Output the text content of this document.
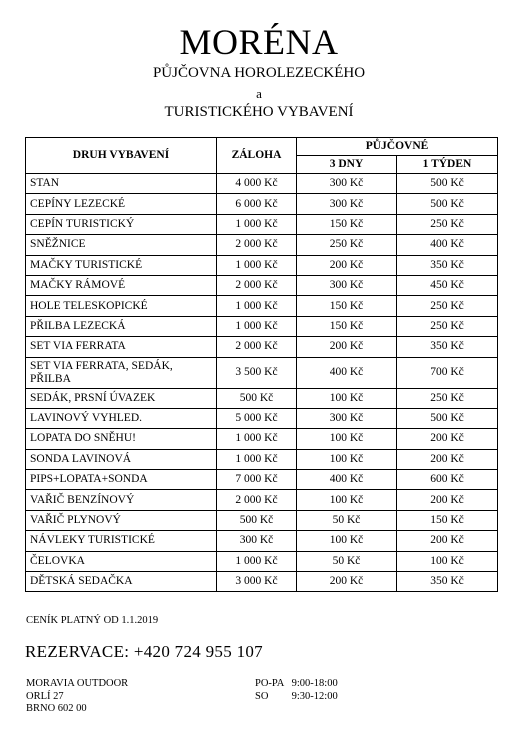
MORÉNA
PŮJČOVNA HOROLEZECKÉHO
a
TURISTICKÉHO VYBAVENÍ
DRUH VYBAVENÍ	ZÁLOHA	PŮJČOVNÉ	
		3 DNY	1 TÝDEN
STAN	4 000 Kč	300 Kč	500 Kč
CEPÍNY LEZECKÉ	6 000 Kč	300 Kč	500 Kč
CEPÍN TURISTICKÝ	1 000 Kč	150 Kč	250 Kč
SNĚŽNICE	2 000 Kč	250 Kč	400 Kč
MAČKY TURISTICKÉ	1 000 Kč	200 Kč	350 Kč
MAČKY RÁMOVÉ	2 000 Kč	300 Kč	450 Kč
HOLE TELESKOPICKÉ	1 000 Kč	150 Kč	250 Kč
PŘILBA LEZECKÁ	1 000 Kč	150 Kč	250 Kč
SET VIA FERRATA	2 000 Kč	200 Kč	350 Kč
SET VIA FERRATA, SEDÁK, PŘILBA	3 500 Kč	400 Kč	700 Kč
SEDÁK, PRSNÍ ÚVAZEK	500 Kč	100 Kč	250 Kč
LAVINOVÝ VYHLED.	5 000 Kč	300 Kč	500 Kč
LOPATA DO SNĚHU!	1 000 Kč	100 Kč	200 Kč
SONDA LAVINOVÁ	1 000 Kč	100 Kč	200 Kč
PIPS+LOPATA+SONDA	7 000 Kč	400 Kč	600 Kč
VAŘIČ BENZÍNOVÝ	2 000 Kč	100 Kč	200 Kč
VAŘIČ PLYNOVÝ	500 Kč	50 Kč	150 Kč
NÁVLEKY TURISTICKÉ	300 Kč	100 Kč	200 Kč
ČELOVKA	1 000 Kč	50 Kč	100 Kč
DĚTSKÁ SEDAČKA	3 000 Kč	200 Kč	350 Kč
CENÍK PLATNÝ OD 1.1.2019
REZERVACE: +420 724 955 107
MORAVIA OUTDOOR
ORLÍ 27
BRNO 602 00
PO-PA 9:00-18:00
SO 9:30-12:00
